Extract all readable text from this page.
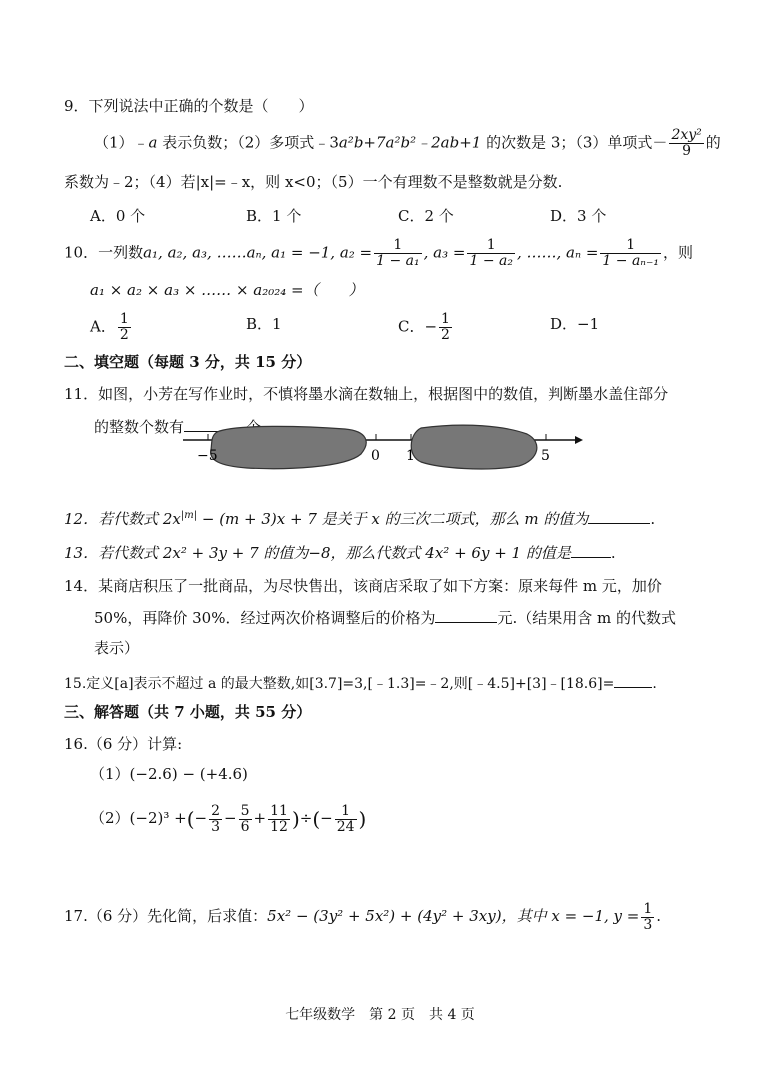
9．下列说法中正确的个数是（　　）
（1）﹣a 表示负数；（2）多项式﹣3a²b+7a²b²﹣2ab+1 的次数是 3；（3）单项式－ $\frac{\text{2xy²}}{9}$ 的
系数为﹣2；（4）若|x|=﹣x，则 x<0；（5）一个有理数不是整数就是分数.
A．0 个	B．1 个	C．2 个	D．3 个
10．一列数a₁, a₂, a₃, ……aₙ, a₁ = −1, $a_2 = \frac{1}{\text{1 − a₁}}$ , $a_3 = \frac{1}{\text{1 − a₂}}$ , ……, $a_n = \frac{1}{\text{1 − aₙ₋₁}}$ ，则
a₁ × a₂ × a₃ × …… × a₂₀₂₄ =（　　）
A． $\frac{1}{2}$	B．1	C．− $\frac{1}{2}$	D．−1
二、填空题（每题 3 分，共 15 分）
11．如图，小芳在写作业时，不慎将墨水滴在数轴上，根据图中的数值，判断墨水盖住部分
的整数个数有
−5	0 1	5
12．若代数式 $2x^{|m|} - (m + 3)x + 7$ 是关于 x 的三次二项式，那么 m 的值为	.
13．若代数式 2x² + 3y + 7 的值为−8，那么代数式 4x² + 6y + 1 的值是	.
14．某商店积压了一批商品，为尽快售出，该商店采取了如下方案：原来每件 m 元，加价
50%，再降价 30%．经过两次价格调整后的价格为	元.（结果用含 m 的代数式
表示）
15.定义[a]表示不超过 a 的最大整数,如[3.7]=3,[﹣1.3]=﹣2,则[﹣4.5]+[3]﹣[18.6]=	.
三、解答题（共 7 小题，共 55 分）
16.（6 分）计算:
（1）(−2.6) − (+4.6)
（2）(−2)³ +(− $\frac{2}{3} - \frac{5}{6} + \frac{11}{12}$ )÷(− $\frac{1}{24}$ )
17.（6 分）先化简，后求值：5x² − (3y² + 5x²) + (4y² + 3xy)，其中 x = −1, $y = \frac{1}{3}$ .
七年级数学　第 2 页　共 4 页
